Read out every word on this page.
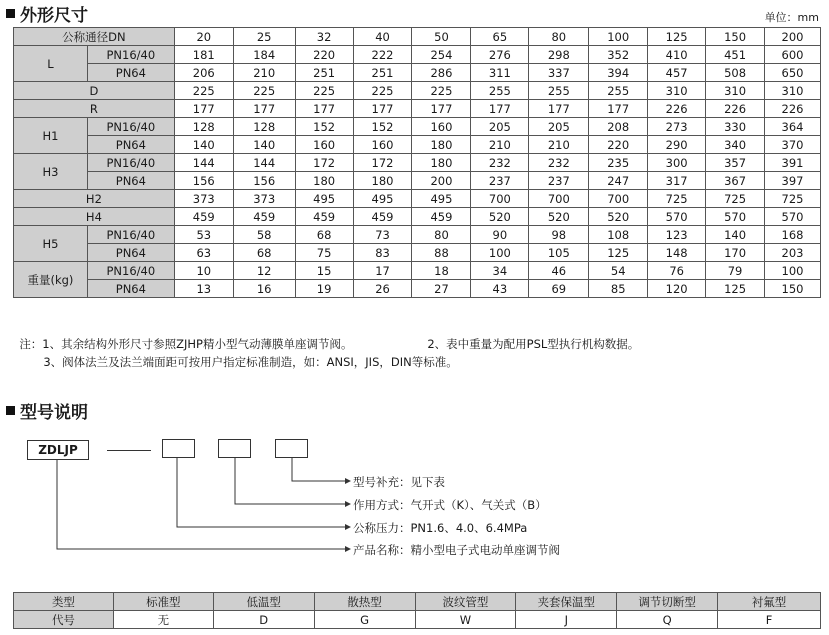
外形尺寸	单位：mm
公称通径DN		20	25	32	40	50	65	80	100	125	150	200
L	PN16/40	181	184	220	222	254	276	298	352	410	451	600
	PN64	206	210	251	251	286	311	337	394	457	508	650
D		225	225	225	225	225	255	255	255	310	310	310
R		177	177	177	177	177	177	177	177	226	226	226
H1	PN16/40	128	128	152	152	160	205	205	208	273	330	364
	PN64	140	140	160	160	180	210	210	220	290	340	370
H3	PN16/40	144	144	172	172	180	232	232	235	300	357	391
	PN64	156	156	180	180	200	237	237	247	317	367	397
H2		373	373	495	495	495	700	700	700	725	725	725
H4		459	459	459	459	459	520	520	520	570	570	570
H5	PN16/40	53	58	68	73	80	90	98	108	123	140	168
	PN64	63	68	75	83	88	100	105	125	148	170	203
重量(kg)	PN16/40	10	12	15	17	18	34	46	54	76	79	100
	PN64	13	16	19	26	27	43	69	85	120	125	150

注：1、其余结构外形尺寸参照ZJHP精小型气动薄膜单座调节阀。	2、表中重量为配用PSL型执行机构数据。

3、阀体法兰及法兰端面距可按用户指定标准制造，如：ANSI，JIS，DIN等标准。

型号说明
ZDLJP
型号补充：见下表
作用方式：气开式（K）、气关式（B）
公称压力：PN1.6、4.0、6.4MPa
产品名称：精小型电子式电动单座调节阀
类型	标准型	低温型	散热型	波纹管型	夹套保温型	调节切断型	衬氟型
代号	无	D	G	W	J	Q	F
